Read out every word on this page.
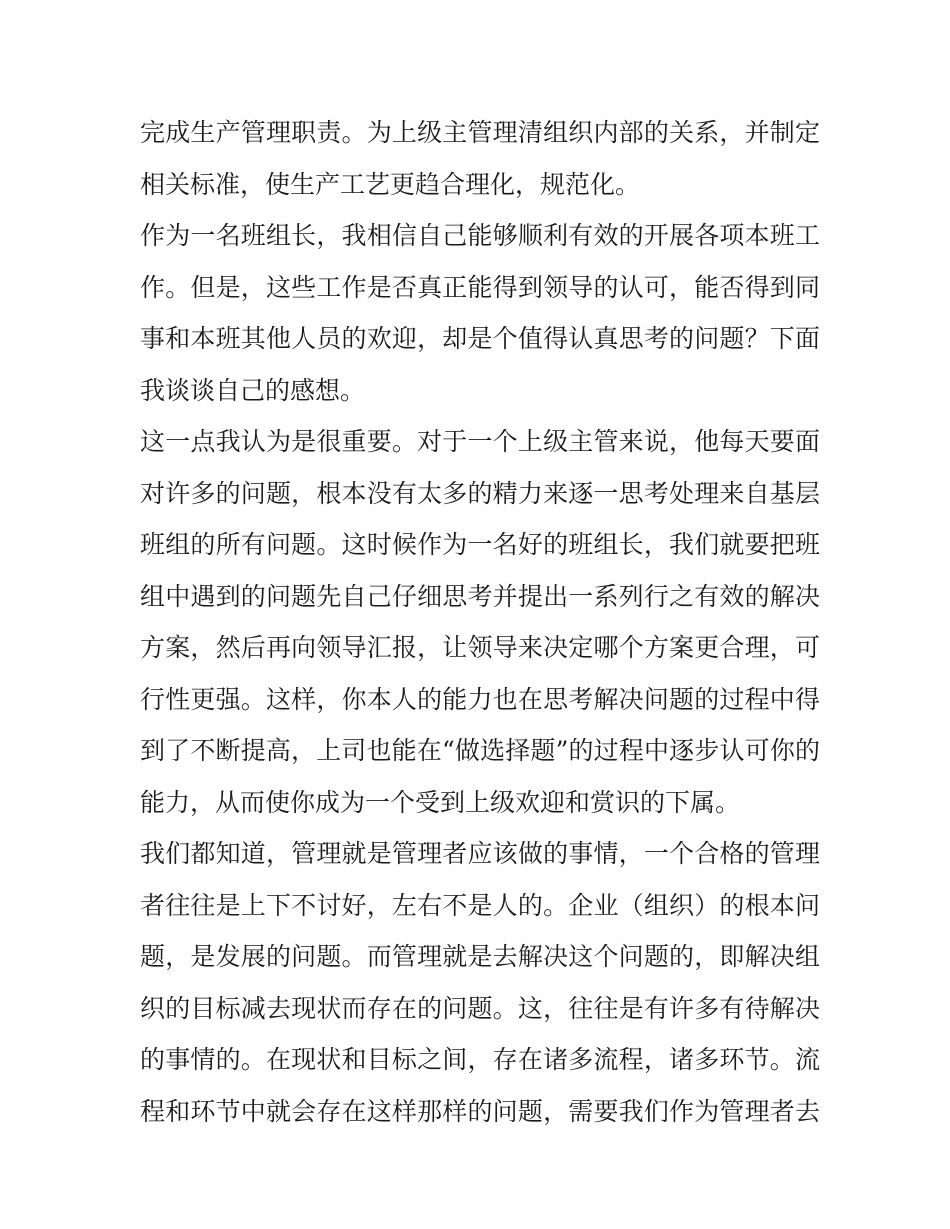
完成生产管理职责。为上级主管理清组织内部的关系，并制定
相关标准，使生产工艺更趋合理化，规范化。
作为一名班组长，我相信自己能够顺利有效的开展各项本班工
作。但是，这些工作是否真正能得到领导的认可，能否得到同
事和本班其他人员的欢迎，却是个值得认真思考的问题？下面
我谈谈自己的感想。
这一点我认为是很重要。对于一个上级主管来说，他每天要面
对许多的问题，根本没有太多的精力来逐一思考处理来自基层
班组的所有问题。这时候作为一名好的班组长，我们就要把班
组中遇到的问题先自己仔细思考并提出一系列行之有效的解决
方案，然后再向领导汇报，让领导来决定哪个方案更合理，可
行性更强。这样，你本人的能力也在思考解决问题的过程中得
到了不断提高，上司也能在“做选择题”的过程中逐步认可你的
能力，从而使你成为一个受到上级欢迎和赏识的下属。
我们都知道，管理就是管理者应该做的事情，一个合格的管理
者往往是上下不讨好，左右不是人的。企业（组织）的根本问
题，是发展的问题。而管理就是去解决这个问题的，即解决组
织的目标减去现状而存在的问题。这，往往是有许多有待解决
的事情的。在现状和目标之间，存在诸多流程，诸多环节。流
程和环节中就会存在这样那样的问题，需要我们作为管理者去
